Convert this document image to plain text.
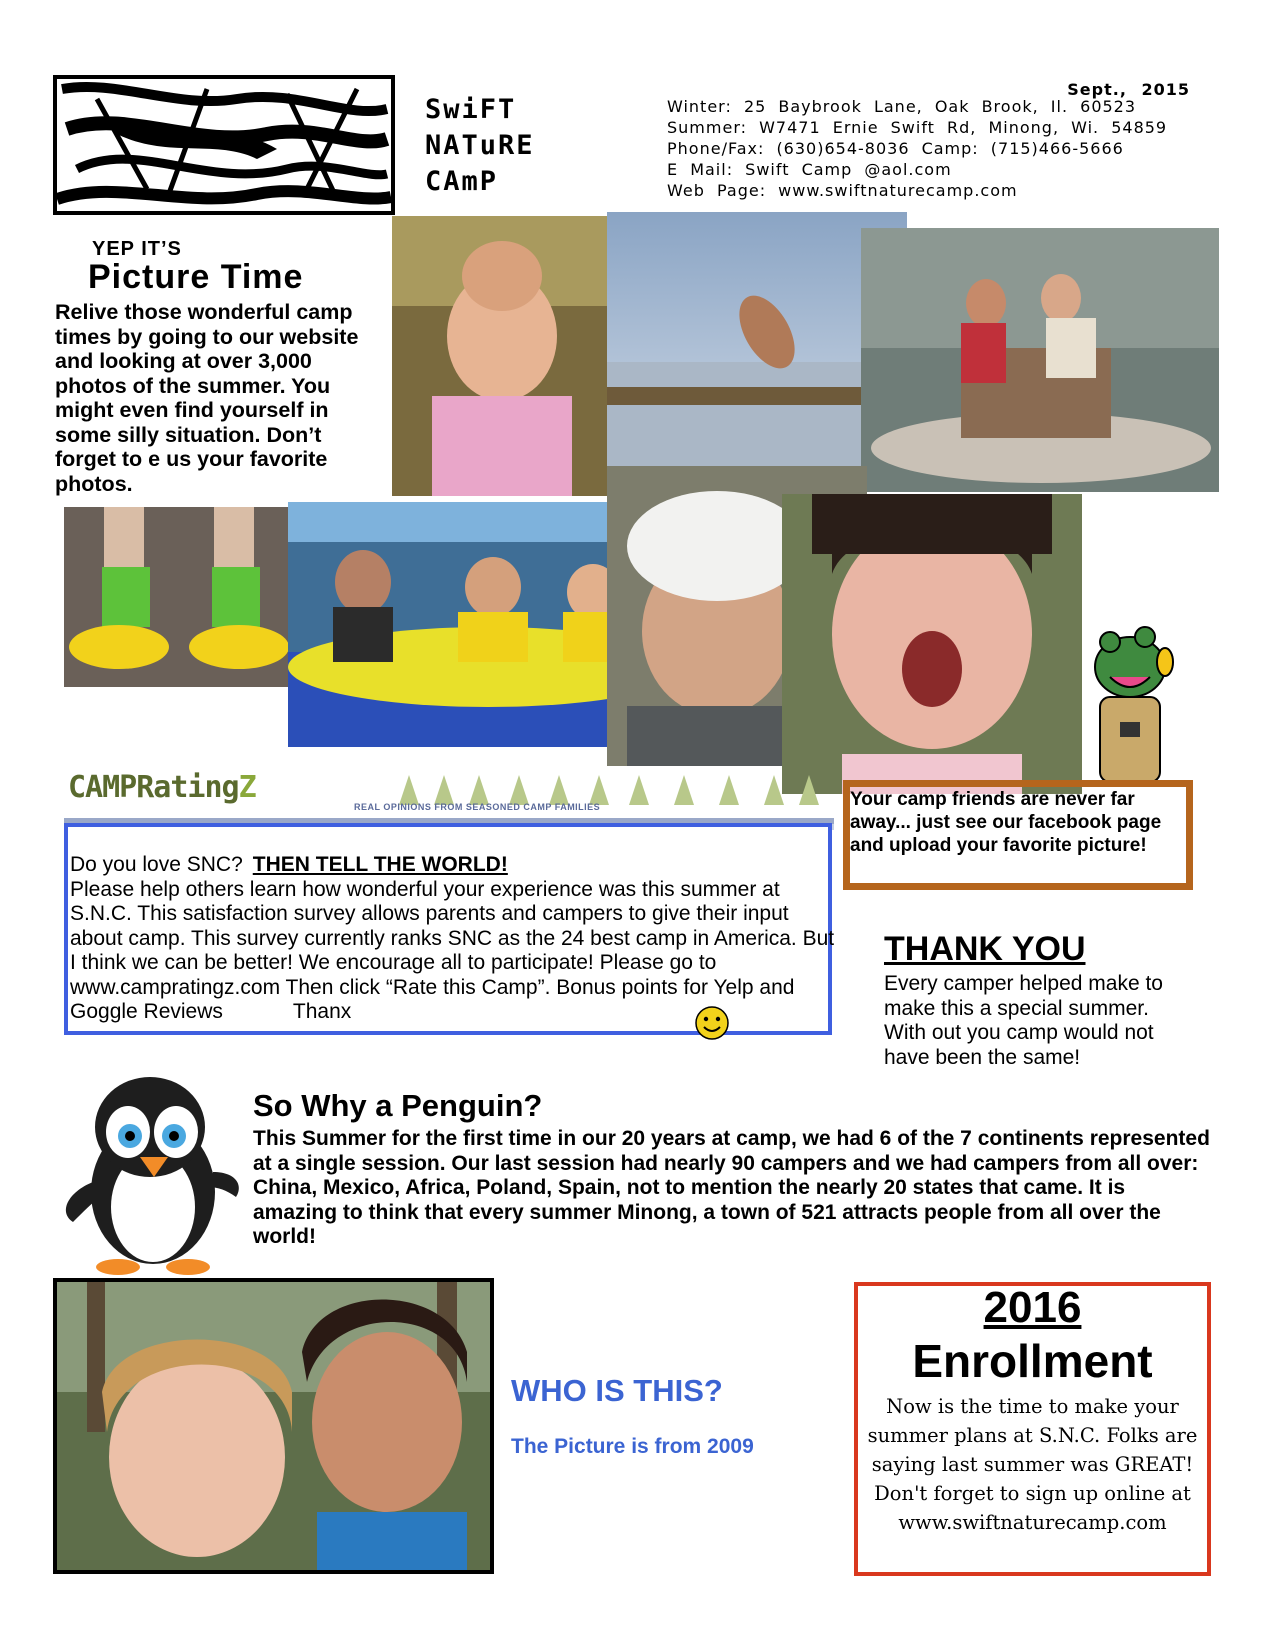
SwiFT
NATuRE
CAmP
Sept., 2015
Winter: 25 Baybrook Lane, Oak Brook, Il. 60523
Summer: W7471 Ernie Swift Rd, Minong, Wi. 54859
Phone/Fax: (630)654-8036 Camp: (715)466-5666
E Mail: Swift Camp @aol.com
Web Page: www.swiftnaturecamp.com
YEP IT’S
Picture Time
Relive those wonderful camp times by going to our website and looking at over 3,000 photos of the summer. You might even find yourself in some silly situation. Don’t forget to e us your favorite photos.
CAMPRatingZ
REAL OPINIONS FROM SEASONED CAMP FAMILIES
Do you love SNC? THEN TELL THE WORLD!
Please help others learn how wonderful your experience was this summer at S.N.C. This satisfaction survey allows parents and campers to give their input about camp. This survey currently ranks SNC as the 24 best camp in America. But I think we can be better! We encourage all to participate! Please go to www.campratingz.com Then click “Rate this Camp”. Bonus points for Yelp and Goggle Reviews	Thanx
Your camp friends are never far away... just see our facebook page and upload your favorite picture!
THANK YOU
Every camper helped make to make this a special summer. With out you camp would not have been the same!
So Why a Penguin?
This Summer for the first time in our 20 years at camp, we had 6 of the 7 continents represented at a single session. Our last session had nearly 90 campers and we had campers from all over: China, Mexico, Africa, Poland, Spain, not to mention the nearly 20 states that came. It is amazing to think that every summer Minong, a town of 521 attracts people from all over the world!
WHO IS THIS?
The Picture is from 2009
2016
Enrollment
Now is the time to make your summer plans at S.N.C. Folks are saying last summer was GREAT! Don't forget to sign up online at www.swiftnaturecamp.com
